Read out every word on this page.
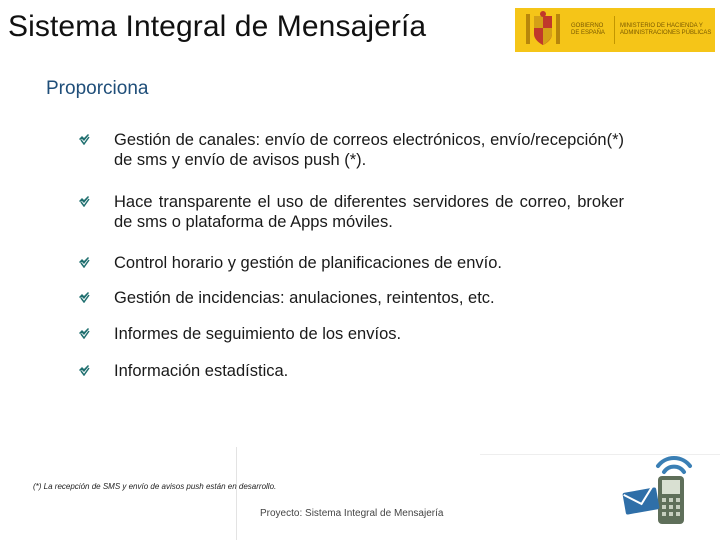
Sistema Integral de Mensajería	GOBIERNO DE ESPAÑA
MINISTERIO DE HACIENDA Y ADMINISTRACIONES PÚBLICAS
Proporciona
Gestión de canales: envío de correos electrónicos, envío/recepción(*) de sms y envío de avisos push (*).
Hace transparente el uso de diferentes servidores de correo, broker de sms o plataforma de Apps móviles.
Control horario y gestión de planificaciones de envío.
Gestión de incidencias: anulaciones, reintentos, etc.
Informes de seguimiento de los envíos.
Información estadística.
(*) La recepción de SMS y envío de avisos push están en desarrollo.
Proyecto: Sistema Integral de Mensajería
